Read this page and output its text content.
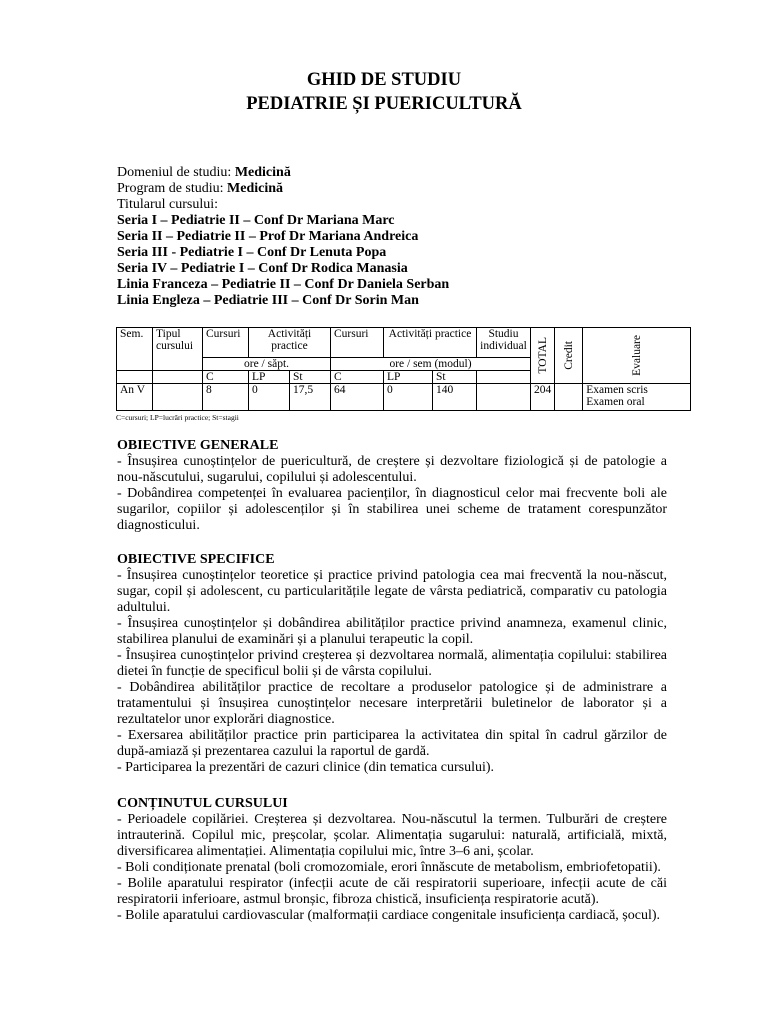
GHID DE STUDIU
PEDIATRIE ȘI PUERICULTURĂ
Domeniul de studiu: Medicină
Program de studiu: Medicină
Titularul cursului:
Seria I – Pediatrie II – Conf Dr Mariana Marc
Seria II – Pediatrie II – Prof Dr Mariana Andreica
Seria III - Pediatrie I – Conf Dr Lenuta Popa
Seria IV – Pediatrie I – Conf Dr Rodica Manasia
Linia Franceza – Pediatrie II – Conf Dr Daniela Serban
Linia Engleza – Pediatrie III – Conf Dr Sorin Man
Sem.	Tipul cursului	Cursuri	Activități practice		Cursuri	Activități practice		Studiu individual	TOTAL	Credit	Evaluare

		ore / săpt.			ore / sem (modul)						
		C	LP	St	C	LP	St				
An V		8	0	17,5	64	0	140		204		Examen scris
Examen oral
C=cursuri; LP=lucrări practice; St=stagii
OBIECTIVE GENERALE

- Însușirea cunoștințelor de puericultură, de creștere și dezvoltare fiziologică și de patologie a nou-născutului, sugarului, copilului și adolescentului.

- Dobândirea competenței în evaluarea pacienților, în diagnosticul celor mai frecvente boli ale sugarilor, copiilor și adolescenților și în stabilirea unei scheme de tratament corespunzător diagnosticului.

OBIECTIVE SPECIFICE

- Însușirea cunoștințelor teoretice și practice privind patologia cea mai frecventă la nou-născut, sugar, copil și adolescent, cu particularitățile legate de vârsta pediatrică, comparativ cu patologia adultului.

- Însușirea cunoștințelor și dobândirea abilităților practice privind anamneza, examenul clinic, stabilirea planului de examinări și a planului terapeutic la copil.

- Însușirea cunoștințelor privind creșterea și dezvoltarea normală, alimentația copilului: stabilirea dietei în funcție de specificul bolii și de vârsta copilului.

- Dobândirea abilităților practice de recoltare a produselor patologice și de administrare a tratamentului și însușirea cunoștințelor necesare interpretării buletinelor de laborator și a rezultatelor unor explorări diagnostice.

- Exersarea abilităților practice prin participarea la activitatea din spital în cadrul gărzilor de după-amiază și prezentarea cazului la raportul de gardă.

- Participarea la prezentări de cazuri clinice (din tematica cursului).

CONȚINUTUL CURSULUI

- Perioadele copilăriei. Creșterea și dezvoltarea. Nou-născutul la termen. Tulburări de creștere intrauterină. Copilul mic, preșcolar, școlar. Alimentația sugarului: naturală, artificială, mixtă, diversificarea alimentației. Alimentația copilului mic, între 3–6 ani, școlar.

- Boli condiționate prenatal (boli cromozomiale, erori înnăscute de metabolism, embriofetopatii).

- Bolile aparatului respirator (infecții acute de căi respiratorii superioare, infecții acute de căi respiratorii inferioare, astmul bronșic, fibroza chistică, insuficiența respiratorie acută).

- Bolile aparatului cardiovascular (malformații cardiace congenitale insuficiența cardiacă, șocul).
